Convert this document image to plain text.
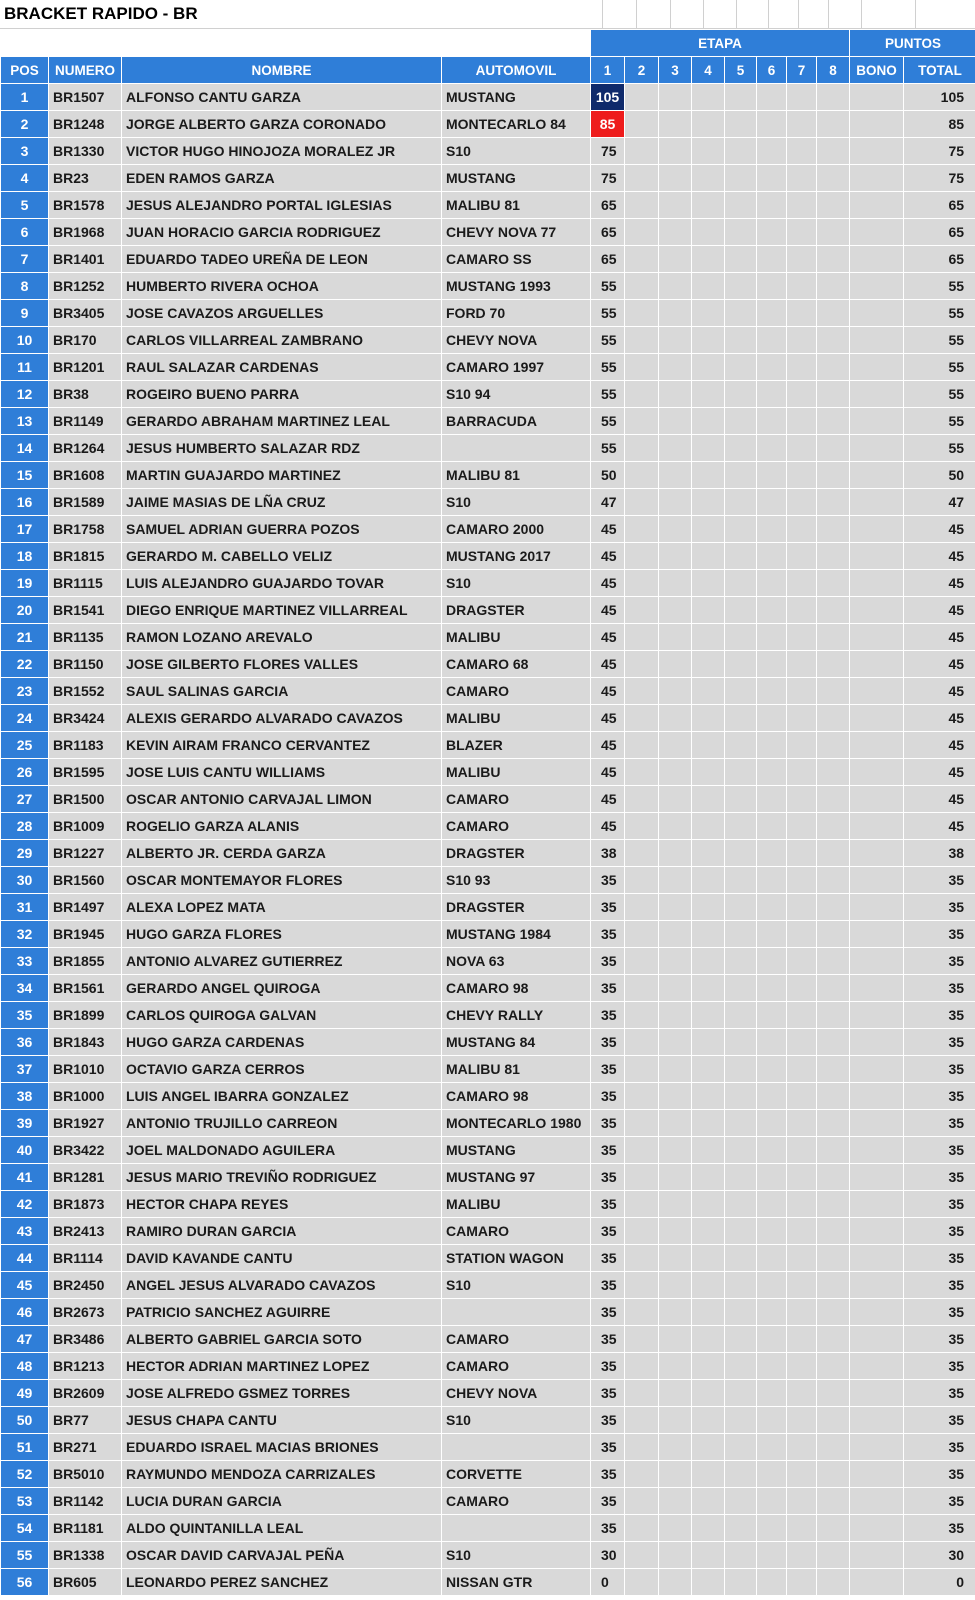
BRACKET RAPIDO - BR
				ETAPA								PUNTOS	
POS	NUMERO	NOMBRE	AUTOMOVIL	1	2	3	4	5	6	7	8	BONO	TOTAL
1	BR1507	ALFONSO CANTU GARZA	MUSTANG	105									105
2	BR1248	JORGE ALBERTO GARZA CORONADO	MONTECARLO 84	85									85
3	BR1330	VICTOR HUGO HINOJOZA MORALEZ JR	S10	75									75
4	BR23	EDEN RAMOS GARZA	MUSTANG	75									75
5	BR1578	JESUS ALEJANDRO PORTAL IGLESIAS	MALIBU 81	65									65
6	BR1968	JUAN HORACIO GARCIA RODRIGUEZ	CHEVY NOVA 77	65									65
7	BR1401	EDUARDO TADEO UREÑA DE LEON	CAMARO SS	65									65
8	BR1252	HUMBERTO RIVERA OCHOA	MUSTANG 1993	55									55
9	BR3405	JOSE CAVAZOS ARGUELLES	FORD 70	55									55
10	BR170	CARLOS VILLARREAL ZAMBRANO	CHEVY NOVA	55									55
11	BR1201	RAUL SALAZAR CARDENAS	CAMARO 1997	55									55
12	BR38	ROGEIRO BUENO PARRA	S10 94	55									55
13	BR1149	GERARDO ABRAHAM MARTINEZ LEAL	BARRACUDA	55									55
14	BR1264	JESUS HUMBERTO SALAZAR RDZ		55									55
15	BR1608	MARTIN GUAJARDO MARTINEZ	MALIBU 81	50									50
16	BR1589	JAIME MASIAS DE LÑA CRUZ	S10	47									47
17	BR1758	SAMUEL ADRIAN GUERRA POZOS	CAMARO 2000	45									45
18	BR1815	GERARDO M. CABELLO VELIZ	MUSTANG 2017	45									45
19	BR1115	LUIS ALEJANDRO GUAJARDO TOVAR	S10	45									45
20	BR1541	DIEGO ENRIQUE MARTINEZ VILLARREAL	DRAGSTER	45									45
21	BR1135	RAMON LOZANO AREVALO	MALIBU	45									45
22	BR1150	JOSE GILBERTO FLORES VALLES	CAMARO 68	45									45
23	BR1552	SAUL SALINAS GARCIA	CAMARO	45									45
24	BR3424	ALEXIS GERARDO ALVARADO CAVAZOS	MALIBU	45									45
25	BR1183	KEVIN AIRAM FRANCO CERVANTEZ	BLAZER	45									45
26	BR1595	JOSE LUIS CANTU WILLIAMS	MALIBU	45									45
27	BR1500	OSCAR ANTONIO CARVAJAL LIMON	CAMARO	45									45
28	BR1009	ROGELIO GARZA ALANIS	CAMARO	45									45
29	BR1227	ALBERTO JR. CERDA GARZA	DRAGSTER	38									38
30	BR1560	OSCAR MONTEMAYOR FLORES	S10 93	35									35
31	BR1497	ALEXA LOPEZ MATA	DRAGSTER	35									35
32	BR1945	HUGO GARZA FLORES	MUSTANG 1984	35									35
33	BR1855	ANTONIO ALVAREZ GUTIERREZ	NOVA 63	35									35
34	BR1561	GERARDO ANGEL QUIROGA	CAMARO 98	35									35
35	BR1899	CARLOS QUIROGA GALVAN	CHEVY RALLY	35									35
36	BR1843	HUGO GARZA CARDENAS	MUSTANG 84	35									35
37	BR1010	OCTAVIO GARZA CERROS	MALIBU 81	35									35
38	BR1000	LUIS ANGEL IBARRA GONZALEZ	CAMARO 98	35									35
39	BR1927	ANTONIO TRUJILLO CARREON	MONTECARLO 1980	35									35
40	BR3422	JOEL MALDONADO AGUILERA	MUSTANG	35									35
41	BR1281	JESUS MARIO TREVIÑO RODRIGUEZ	MUSTANG 97	35									35
42	BR1873	HECTOR CHAPA REYES	MALIBU	35									35
43	BR2413	RAMIRO DURAN GARCIA	CAMARO	35									35
44	BR1114	DAVID KAVANDE CANTU	STATION WAGON	35									35
45	BR2450	ANGEL JESUS ALVARADO CAVAZOS	S10	35									35
46	BR2673	PATRICIO SANCHEZ AGUIRRE		35									35
47	BR3486	ALBERTO GABRIEL GARCIA SOTO	CAMARO	35									35
48	BR1213	HECTOR ADRIAN MARTINEZ LOPEZ	CAMARO	35									35
49	BR2609	JOSE ALFREDO GSMEZ TORRES	CHEVY NOVA	35									35
50	BR77	JESUS CHAPA CANTU	S10	35									35
51	BR271	EDUARDO ISRAEL MACIAS BRIONES		35									35
52	BR5010	RAYMUNDO MENDOZA CARRIZALES	CORVETTE	35									35
53	BR1142	LUCIA DURAN GARCIA	CAMARO	35									35
54	BR1181	ALDO QUINTANILLA LEAL		35									35
55	BR1338	OSCAR DAVID CARVAJAL PEÑA	S10	30									30
56	BR605	LEONARDO PEREZ SANCHEZ	NISSAN GTR	0									0
